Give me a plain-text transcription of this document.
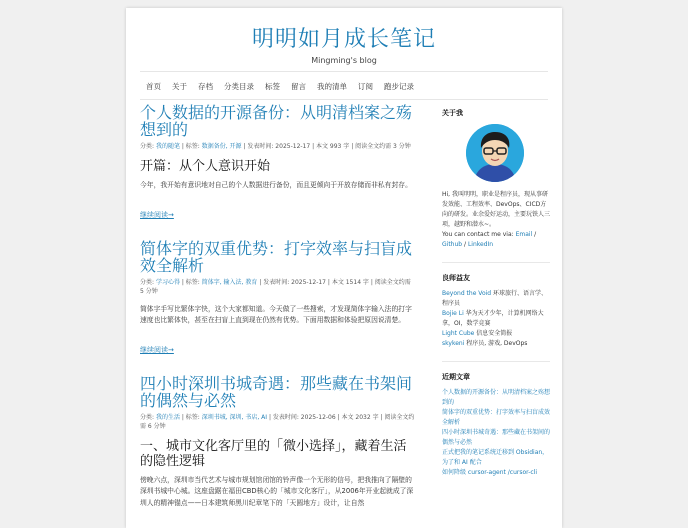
明明如月成长笔记
Mingming's blog
首页 关于 存档 分类目录 标签 留言 我的清单 订阅 跑步记录
个人数据的开源备份：从明清档案之殇想到的
分类: 我的随笔 | 标签: 数据备份, 开源 | 发表时间: 2025-12-17 | 本文 993 字 | 阅读全文约需 3 分钟
开篇：从个人意识开始
今年，我开始有意识地对自己的个人数据进行备份，而且更倾向于开放存储而非私有封存。
继续阅读→
简体字的双重优势：打字效率与扫盲成效全解析
分类: 学习心得 | 标签: 简体字, 输入法, 教育 | 发表时间: 2025-12-17 | 本文 1514 字 | 阅读全文约需 5 分钟
简体字手写比繁体字快，这个大家都知道。今天做了一些搜索，才发现简体字输入法的打字速度也比繁体快，甚至在扫盲上直到现在仍然有优势。下面用数据和体验把原因说清楚。
继续阅读→
四小时深圳书城奇遇：那些藏在书架间的偶然与必然
分类: 我的生活 | 标签: 深圳书城, 深圳, 书店, AI | 发表时间: 2025-12-06 | 本文 2032 字 | 阅读全文约需 6 分钟
一、城市文化客厅里的「微小选择」，藏着生活的隐性逻辑
傍晚六点，深圳市当代艺术与城市规划馆闭馆的铃声像一个无形的信号，把我推向了隔壁的深圳书城中心城。这座盘踞在福田CBD核心的「城市文化客厅」，从2006年开业起就成了深圳人的精神锚点——日本建筑师黑川纪章笔下的「天圆地方」设计，让自然
关于我
Hi, 我叫明明，职业是程序员，现从事研发效能、工程效率、DevOps、CICD方向的研发。业余爱好运动，主要玩铁人三项，越野和潜水~。
You can contact me via: Email / Github / LinkedIn
良师益友
Beyond the Void 环球旅行、语言学、程序员
Bojie Li 华为天才少年，计算机网络大拿，OI，数学竞赛
Light Cube 信息安全简报
skykeni 程序员, 游戏, DevOps
近期文章
个人数据的开源备份：从明清档案之殇想到的
简体字的双重优势：打字效率与扫盲成效全解析
四小时深圳书城奇遇：那些藏在书架间的偶然与必然
正式把我的笔记系统迁移到 Obsidian，为了和 AI 配合
如何降级 cursor-agent /cursor-cli
